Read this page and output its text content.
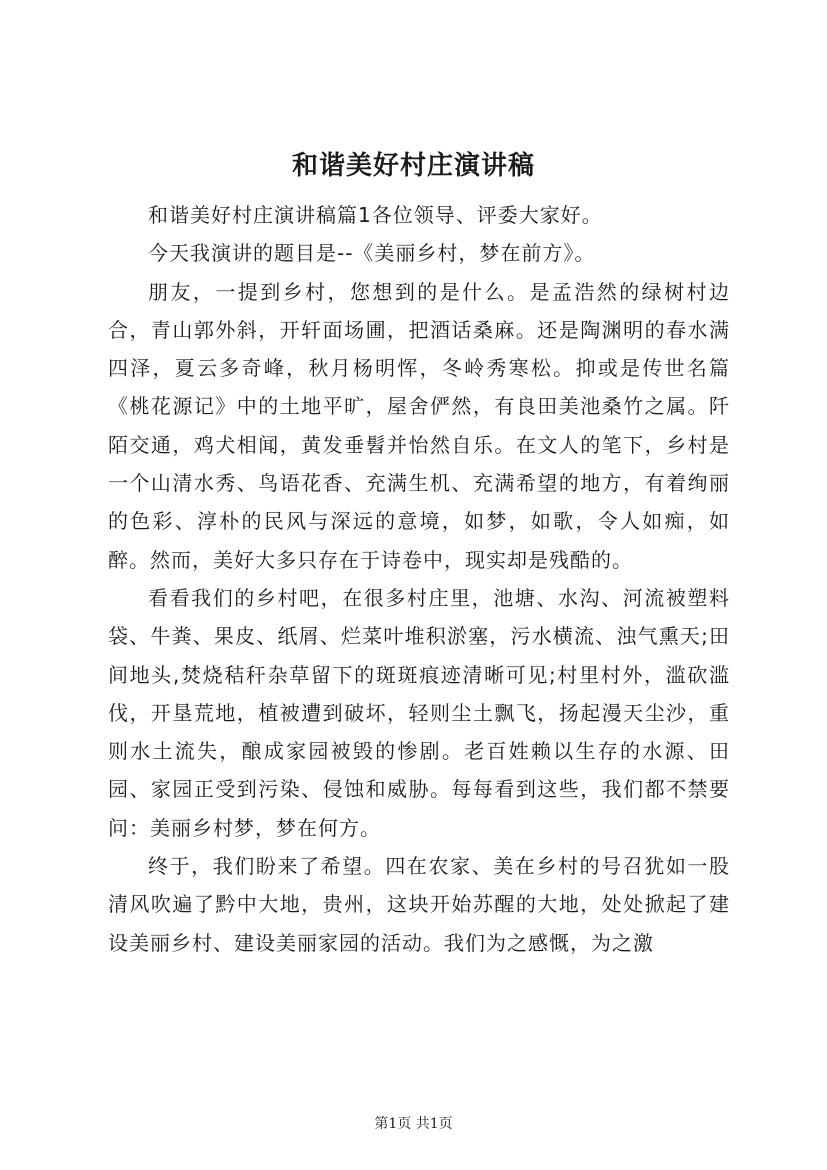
和谐美好村庄演讲稿

和谐美好村庄演讲稿篇1各位领导、评委大家好。

今天我演讲的题目是--《美丽乡村，梦在前方》。

朋友，一提到乡村，您想到的是什么。是孟浩然的绿树村边合，青山郭外斜，开轩面场圃，把酒话桑麻。还是陶渊明的春水满四泽，夏云多奇峰，秋月杨明恽，冬岭秀寒松。抑或是传世名篇《桃花源记》中的土地平旷，屋舍俨然，有良田美池桑竹之属。阡陌交通，鸡犬相闻，黄发垂髫并怡然自乐。在文人的笔下，乡村是一个山清水秀、鸟语花香、充满生机、充满希望的地方，有着绚丽的色彩、淳朴的民风与深远的意境，如梦，如歌，令人如痴，如醉。然而，美好大多只存在于诗卷中，现实却是残酷的。

看看我们的乡村吧，在很多村庄里，池塘、水沟、河流被塑料袋、牛粪、果皮、纸屑、烂菜叶堆积淤塞，污水横流、浊气熏天;田间地头,焚烧秸秆杂草留下的斑斑痕迹清晰可见;村里村外，滥砍滥伐，开垦荒地，植被遭到破坏，轻则尘土飘飞，扬起漫天尘沙，重则水土流失，酿成家园被毁的惨剧。老百姓赖以生存的水源、田园、家园正受到污染、侵蚀和威胁。每每看到这些，我们都不禁要问：美丽乡村梦，梦在何方。

终于，我们盼来了希望。四在农家、美在乡村的号召犹如一股清风吹遍了黔中大地，贵州，这块开始苏醒的大地，处处掀起了建设美丽乡村、建设美丽家园的活动。我们为之感慨，为之激

第1页 共1页
